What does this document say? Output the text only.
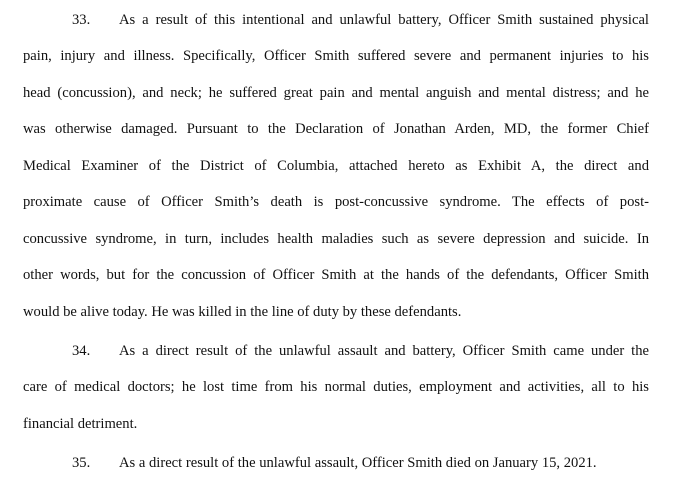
33. As a result of this intentional and unlawful battery, Officer Smith sustained physical
pain, injury and illness. Specifically, Officer Smith suffered severe and permanent injuries to his
head (concussion), and neck; he suffered great pain and mental anguish and mental distress; and he
was otherwise damaged. Pursuant to the Declaration of Jonathan Arden, MD, the former Chief
Medical Examiner of the District of Columbia, attached hereto as Exhibit A, the direct and
proximate cause of Officer Smith’s death is post-concussive syndrome. The effects of post-
concussive syndrome, in turn, includes health maladies such as severe depression and suicide. In
other words, but for the concussion of Officer Smith at the hands of the defendants, Officer Smith
would be alive today. He was killed in the line of duty by these defendants.
34. As a direct result of the unlawful assault and battery, Officer Smith came under the
care of medical doctors; he lost time from his normal duties, employment and activities, all to his
financial detriment.
35. As a direct result of the unlawful assault, Officer Smith died on January 15, 2021.
